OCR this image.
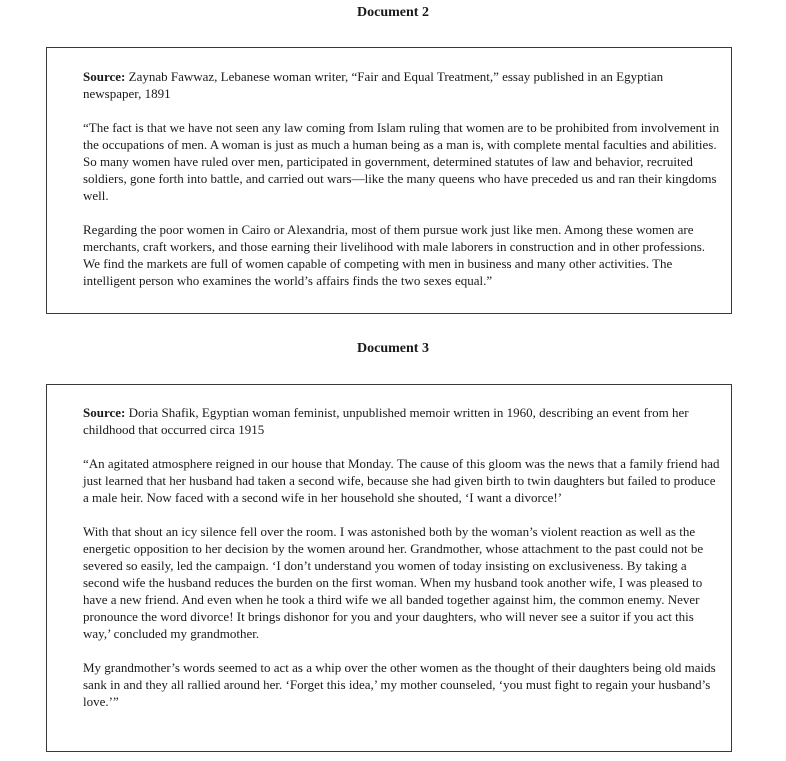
Document 2

Source: Zaynab Fawwaz, Lebanese woman writer, “Fair and Equal Treatment,” essay published in an Egyptian newspaper, 1891

“The fact is that we have not seen any law coming from Islam ruling that women are to be prohibited from involvement in the occupations of men. A woman is just as much a human being as a man is, with complete mental faculties and abilities. So many women have ruled over men, participated in government, determined statutes of law and behavior, recruited soldiers, gone forth into battle, and carried out wars—like the many queens who have preceded us and ran their kingdoms well.

Regarding the poor women in Cairo or Alexandria, most of them pursue work just like men. Among these women are merchants, craft workers, and those earning their livelihood with male laborers in construction and in other professions. We find the markets are full of women capable of competing with men in business and many other activities. The intelligent person who examines the world’s affairs finds the two sexes equal.”

Document 3

Source: Doria Shafik, Egyptian woman feminist, unpublished memoir written in 1960, describing an event from her childhood that occurred circa 1915

“An agitated atmosphere reigned in our house that Monday. The cause of this gloom was the news that a family friend had just learned that her husband had taken a second wife, because she had given birth to twin daughters but failed to produce a male heir. Now faced with a second wife in her household she shouted, ‘I want a divorce!’

With that shout an icy silence fell over the room. I was astonished both by the woman’s violent reaction as well as the energetic opposition to her decision by the women around her. Grandmother, whose attachment to the past could not be severed so easily, led the campaign. ‘I don’t understand you women of today insisting on exclusiveness. By taking a second wife the husband reduces the burden on the first woman. When my husband took another wife, I was pleased to have a new friend. And even when he took a third wife we all banded together against him, the common enemy. Never pronounce the word divorce! It brings dishonor for you and your daughters, who will never see a suitor if you act this way,’ concluded my grandmother.

My grandmother’s words seemed to act as a whip over the other women as the thought of their daughters being old maids sank in and they all rallied around her. ‘Forget this idea,’ my mother counseled, ‘you must fight to regain your husband’s love.’”
